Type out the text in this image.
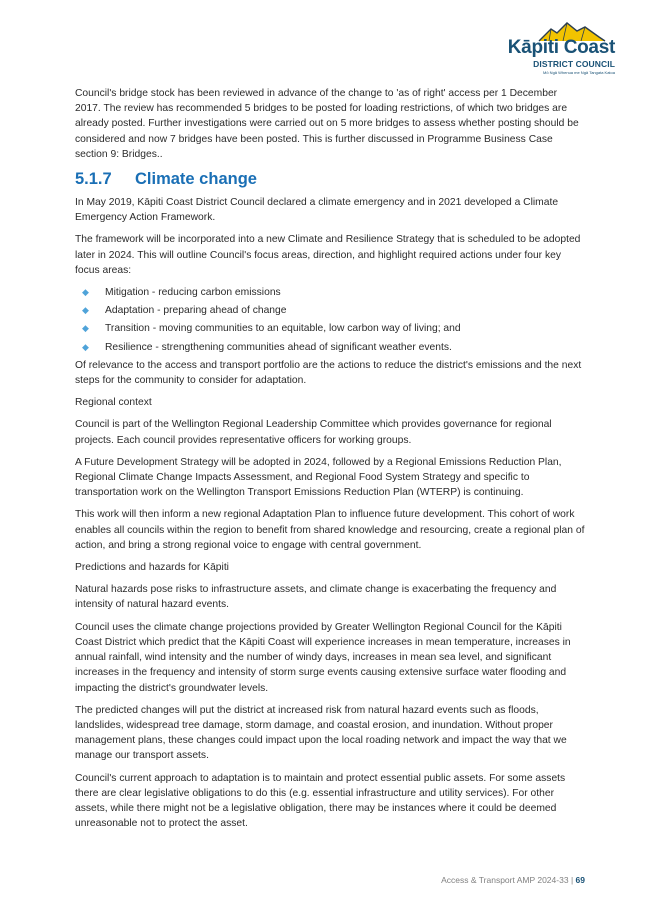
Kāpiti Coast
DISTRICT COUNCIL
Mō Ngā Whenua me Ngā Tangata Katoa

Council's bridge stock has been reviewed in advance of the change to 'as of right' access per 1 December 2017. The review has recommended 5 bridges to be posted for loading restrictions, of which two bridges are already posted. Further investigations were carried out on 5 more bridges to assess whether posting should be considered and now 7 bridges have been posted. This is further discussed in Programme Business Case section 9: Bridges..

5.1.7 Climate change

In May 2019, Kāpiti Coast District Council declared a climate emergency and in 2021 developed a Climate Emergency Action Framework.

The framework will be incorporated into a new Climate and Resilience Strategy that is scheduled to be adopted later in 2024. This will outline Council's focus areas, direction, and highlight required actions under four key focus areas:

◆ Mitigation - reducing carbon emissions
◆ Adaptation - preparing ahead of change
◆ Transition - moving communities to an equitable, low carbon way of living; and
◆ Resilience - strengthening communities ahead of significant weather events.

Of relevance to the access and transport portfolio are the actions to reduce the district's emissions and the next steps for the community to consider for adaptation.

Regional context

Council is part of the Wellington Regional Leadership Committee which provides governance for regional projects. Each council provides representative officers for working groups.

A Future Development Strategy will be adopted in 2024, followed by a Regional Emissions Reduction Plan, Regional Climate Change Impacts Assessment, and Regional Food System Strategy and specific to transportation work on the Wellington Transport Emissions Reduction Plan (WTERP) is continuing.

This work will then inform a new regional Adaptation Plan to influence future development. This cohort of work enables all councils within the region to benefit from shared knowledge and resourcing, create a regional plan of action, and bring a strong regional voice to engage with central government.

Predictions and hazards for Kāpiti

Natural hazards pose risks to infrastructure assets, and climate change is exacerbating the frequency and intensity of natural hazard events.

Council uses the climate change projections provided by Greater Wellington Regional Council for the Kāpiti Coast District which predict that the Kāpiti Coast will experience increases in mean temperature, increases in annual rainfall, wind intensity and the number of windy days, increases in mean sea level, and significant increases in the frequency and intensity of storm surge events causing extensive surface water flooding and impacting the district's groundwater levels.

The predicted changes will put the district at increased risk from natural hazard events such as floods, landslides, widespread tree damage, storm damage, and coastal erosion, and inundation. Without proper management plans, these changes could impact upon the local roading network and impact the way that we manage our transport assets.

Council's current approach to adaptation is to maintain and protect essential public assets. For some assets there are clear legislative obligations to do this (e.g. essential infrastructure and utility services). For other assets, while there might not be a legislative obligation, there may be instances where it could be deemed unreasonable not to protect the asset.

Access & Transport AMP 2024-33 | 69
